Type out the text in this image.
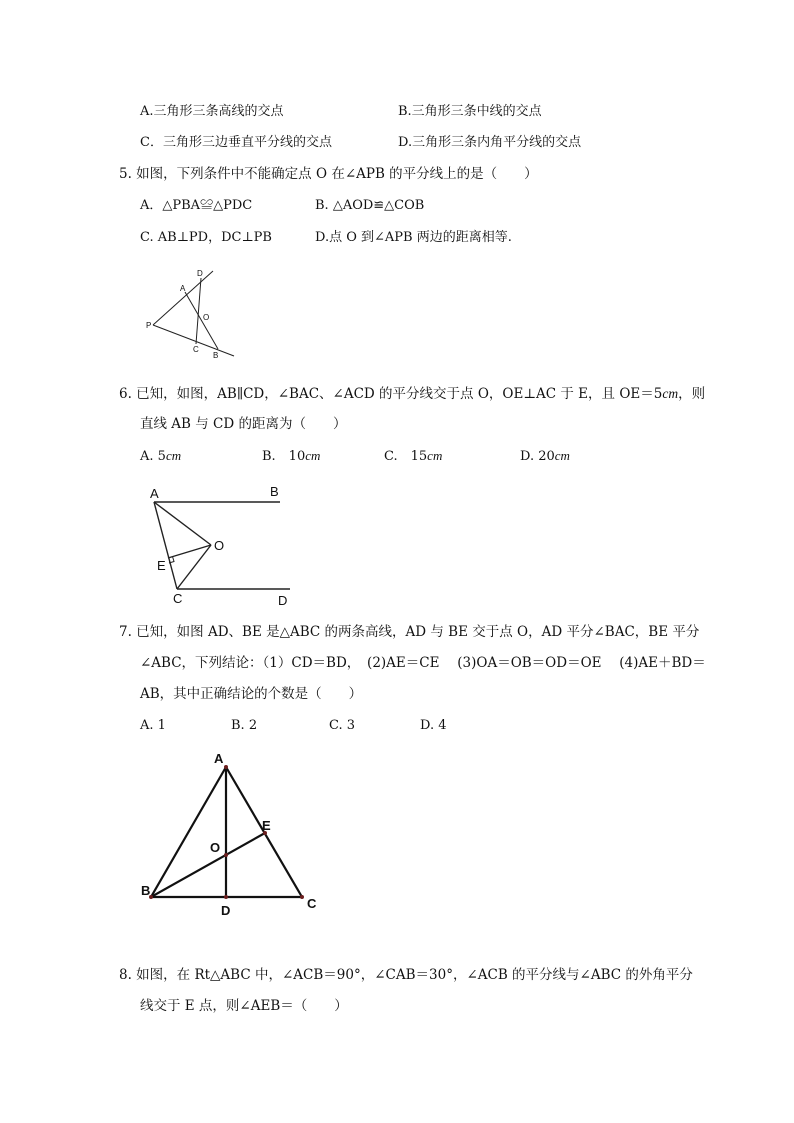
A.三角形三条高线的交点	B.三角形三条中线的交点
C．三角形三边垂直平分线的交点	D.三角形三条内角平分线的交点
5. 如图，下列条件中不能确定点 O 在∠APB 的平分线上的是（　　）
A．△PBA≌△PDC	B. △AOD≌△COB
C. AB⊥PD，DC⊥PB	D.点 O 到∠APB 两边的距离相等.
D
A
O
P
C
B
6. 已知，如图，AB∥CD，∠BAC、∠ACD 的平分线交于点 O，OE⊥AC 于 E，且 OE＝5cm，则
直线 AB 与 CD 的距离为（　　）
A. 5cm	B.　10cm	C.　15cm	D. 20cm
A	B
O
E
C	D
7. 已知，如图 AD、BE 是△ABC 的两条高线，AD 与 BE 交于点 O，AD 平分∠BAC，BE 平分
∠ABC，下列结论：（1）CD＝BD，　(2)AE＝CE　 (3)OA＝OB＝OD＝OE　 (4)AE＋BD＝
AB，其中正确结论的个数是（　　）
A. 1	B. 2	C. 3	D. 4
A
E
O
B
D	C
8. 如图，在 Rt△ABC 中，∠ACB＝90°，∠CAB＝30°，∠ACB 的平分线与∠ABC 的外角平分
线交于 E 点，则∠AEB＝（　　）
